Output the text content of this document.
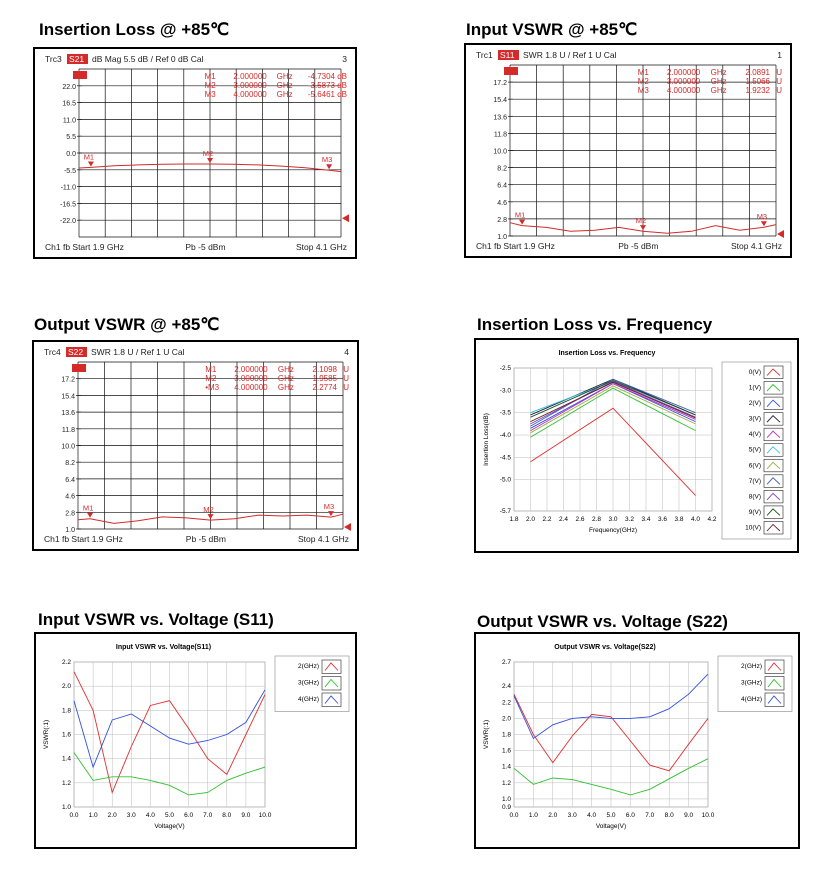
Insertion Loss @ +85℃	Input VSWR @ +85℃
Output VSWR @ +85℃	Insertion Loss vs. Frequency
Input VSWR vs. Voltage (S11)	Output VSWR vs. Voltage (S22)
Trc3 S21 dB Mag 5.5 dB / Ref 0 dB Cal	3
22.0
16.5
11.0
5.5
0.0
-5.5
-11.0
-16.5
-22.0
M1 2.000000 GHz -4.7304 dB
M2 3.000000 GHz -3.5873 dB
M3 4.000000 GHz -5.6461 dB
M1	M2
M3
Ch1 fb Start 1.9 GHz	Pb -5 dBm	Stop 4.1 GHz
Trc1 S11 SWR 1.8 U / Ref 1 U Cal	1
17.2
15.4
13.6
11.8
10.0
8.2
6.4
4.6
2.8
1.0
M1 2.000000 GHz 2.0891 U
M2 3.000000 GHz 1.5066 U
M3 4.000000 GHz 1.9232 U
M1
M2	M3
Ch1 fb Start 1.9 GHz	Pb -5 dBm	Stop 4.1 GHz
Trc4 S22 SWR 1.8 U / Ref 1 U Cal	4
17.2
15.4
13.6
11.8
10.0
8.2
6.4
4.6
2.8
1.0
M1 2.000000 GHz 2.1098 U
M2 3.000000 GHz 1.9585 U
•M3 4.000000 GHz 2.2774 U
M1	M2	M3
Ch1 fb Start 1.9 GHz	Pb -5 dBm	Stop 4.1 GHz
Insertion Loss vs. Frequency
1.8 2.0 2.2 2.4 2.6 2.8 3.0 3.2 3.4 3.6 3.8 4.0 4.2
-2.5
-3.0
-3.5
-4.0
-4.5
-5.0
-5.7
Frequency(GHz)
Insertion Loss(dB)
0(V)
1(V)
2(V)
3(V)
4(V)
5(V)
6(V)
7(V)
8(V)
9(V)
10(V)
Input VSWR vs. Voltage(S11)
0.0 1.0 2.0 3.0 4.0 5.0 6.0 7.0 8.0 9.0 10.0
2.2
2.0
1.8
1.6
1.4
1.2
1.0
Voltage(V)
VSWR(:1)
2(GHz)
3(GHz)
4(GHz)
Output VSWR vs. Voltage(S22)
0.0 1.0 2.0 3.0 4.0 5.0 6.0 7.0 8.0 9.0 10.0
2.7
2.4
2.2
2.0
1.8
1.6
1.4
1.2
1.0
0.9
Voltage(V)
VSWR(:1)
2(GHz)
3(GHz)
4(GHz)
